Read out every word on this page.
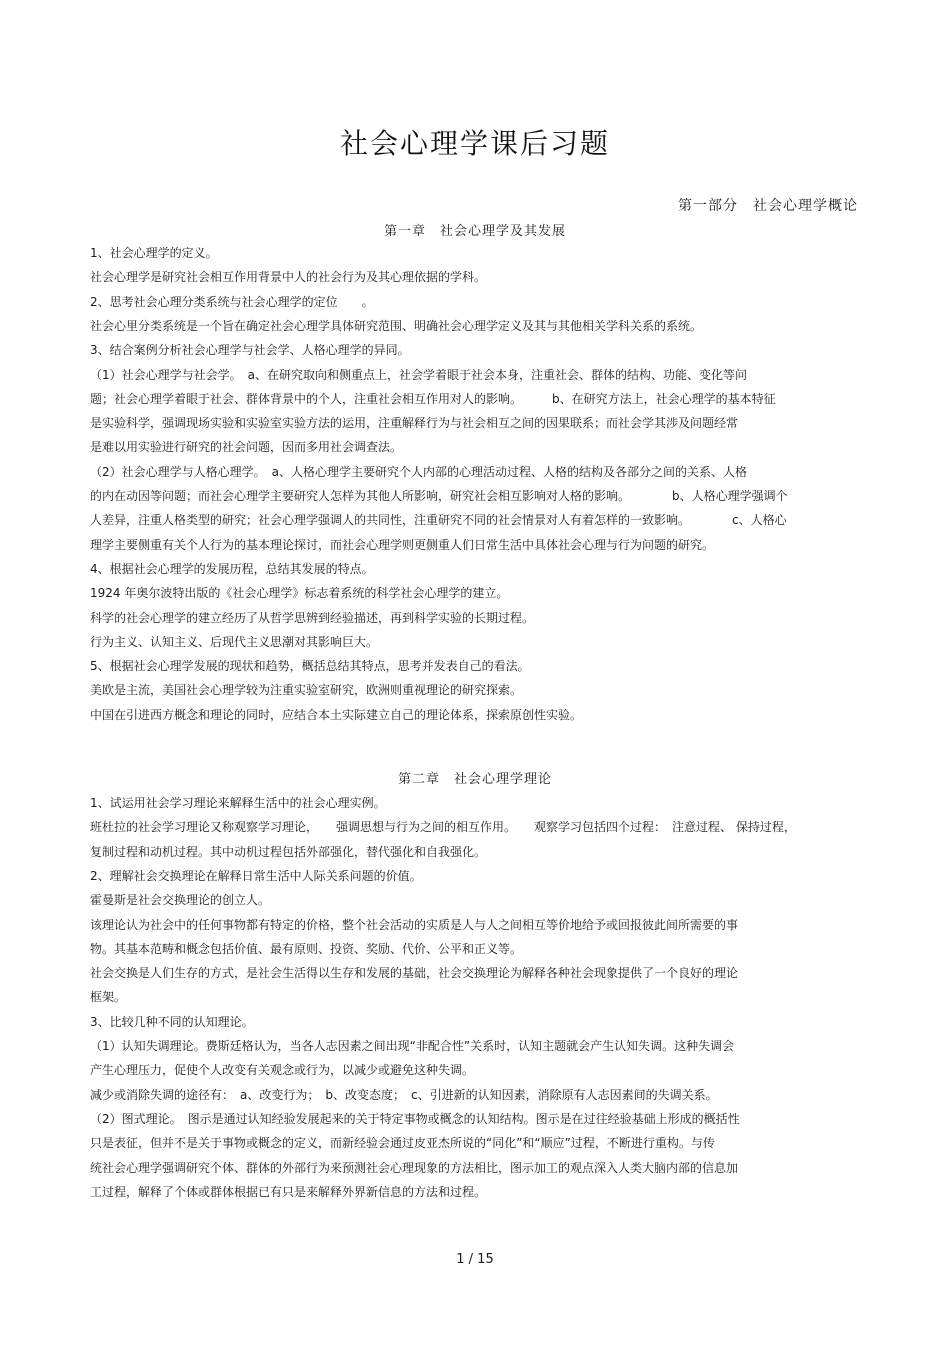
社会心理学课后习题
第一部分　社会心理学概论
第一章　社会心理学及其发展
1、社会心理学的定义。
社会心理学是研究社会相互作用背景中人的社会行为及其心理依据的学科。
2、思考社会心理分类系统与社会心理学的定位　　。
社会心里分类系统是一个旨在确定社会心理学具体研究范围、明确社会心理学定义及其与其他相关学科关系的系统。
3、结合案例分析社会心理学与社会学、人格心理学的异同。
（1）社会心理学与社会学。　a、在研究取向和侧重点上，社会学着眼于社会本身，注重社会、群体的结构、功能、变化等问
题；社会心理学着眼于社会、群体背景中的个人，注重社会相互作用对人的影响。　　　b、在研究方法上，社会心理学的基本特征
是实验科学，强调现场实验和实验室实验方法的运用，注重解释行为与社会相互之间的因果联系；而社会学其涉及问题经常
是难以用实验进行研究的社会问题，因而多用社会调查法。
（2）社会心理学与人格心理学。　a、人格心理学主要研究个人内部的心理活动过程、人格的结构及各部分之间的关系、人格
的内在动因等问题；而社会心理学主要研究人怎样为其他人所影响，研究社会相互影响对人格的影响。　　　　b、人格心理学强调个
人差异，注重人格类型的研究；社会心理学强调人的共同性，注重研究不同的社会情景对人有着怎样的一致影响。　　　　c、人格心
理学主要侧重有关个人行为的基本理论探讨，而社会心理学则更侧重人们日常生活中具体社会心理与行为问题的研究。
4、根据社会心理学的发展历程，总结其发展的特点。
1924 年奥尔波特出版的《社会心理学》标志着系统的科学社会心理学的建立。
科学的社会心理学的建立经历了从哲学思辨到经验描述，再到科学实验的长期过程。
行为主义、认知主义、后现代主义思潮对其影响巨大。
5、根据社会心理学发展的现状和趋势，概括总结其特点，思考并发表自己的看法。
美欧是主流，美国社会心理学较为注重实验室研究，欧洲则重视理论的研究探索。
中国在引进西方概念和理论的同时，应结合本土实际建立自己的理论体系，探索原创性实验。
第二章　社会心理学理论
1、试运用社会学习理论来解释生活中的社会心理实例。
班杜拉的社会学习理论又称观察学习理论，　　强调思想与行为之间的相互作用。　　观察学习包括四个过程：　注意过程、 保持过程，
复制过程和动机过程。其中动机过程包括外部强化，替代强化和自我强化。
2、理解社会交换理论在解释日常生活中人际关系问题的价值。
霍曼斯是社会交换理论的创立人。
该理论认为社会中的任何事物都有特定的价格，整个社会活动的实质是人与人之间相互等价地给予或回报彼此间所需要的事
物。其基本范畴和概念包括价值、最有原则、投资、奖励、代价、公平和正义等。
社会交换是人们生存的方式，是社会生活得以生存和发展的基础，社会交换理论为解释各种社会现象提供了一个良好的理论
框架。
3、比较几种不同的认知理论。
（1）认知失调理论。费斯廷格认为，当各人志因素之间出现“非配合性”关系时，认知主题就会产生认知失调。这种失调会
产生心理压力，促使个人改变有关观念或行为，以减少或避免这种失调。
减少或消除失调的途径有：　a、改变行为；　b、改变态度；　c、引进新的认知因素，消除原有人志因素间的失调关系。
（2）图式理论。　图示是通过认知经验发展起来的关于特定事物或概念的认知结构。图示是在过往经验基础上形成的概括性
只是表征，但并不是关于事物或概念的定义，而新经验会通过皮亚杰所说的“同化”和“顺应”过程，不断进行重构。与传
统社会心理学强调研究个体、群体的外部行为来预测社会心理现象的方法相比，图示加工的观点深入人类大脑内部的信息加
工过程，解释了个体或群体根据已有只是来解释外界新信息的方法和过程。
1 / 15
